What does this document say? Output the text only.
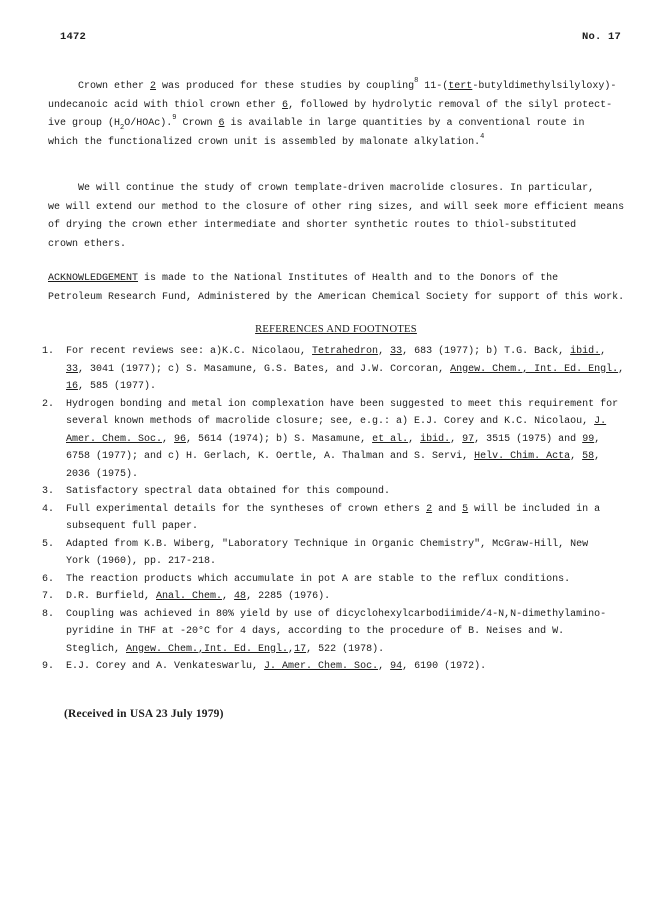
1472	No. 17
Crown ether 2 was produced for these studies by coupling$^8$ 11-(tert-butyldimethylsilyloxy)-
undecanoic acid with thiol crown ether 6, followed by hydrolytic removal of the silyl protect-
ive group $(H_2O/HOAc).^9$ Crown 6 is available in large quantities by a conventional route in
which the functionalized crown unit is assembled by malonate alkylation.$^4$
We will continue the study of crown template-driven macrolide closures. In particular,
we will extend our method to the closure of other ring sizes, and will seek more efficient means
of drying the crown ether intermediate and shorter synthetic routes to thiol-substituted
crown ethers.
ACKNOWLEDGEMENT is made to the National Institutes of Health and to the Donors of the
Petroleum Research Fund, Administered by the American Chemical Society for support of this work.
REFERENCES AND FOOTNOTES
1.	For recent reviews see: a)K.C. Nicolaou, Tetrahedron, 33, 683 (1977); b) T.G. Back, ibid.,
33, 3041 (1977); c) S. Masamune, G.S. Bates, and J.W. Corcoran, Angew. Chem., Int. Ed. Engl.,
16, 585 (1977).
2.	Hydrogen bonding and metal ion complexation have been suggested to meet this requirement for
several known methods of macrolide closure; see, e.g.: a) E.J. Corey and K.C. Nicolaou, J.
Amer. Chem. Soc., 96, 5614 (1974); b) S. Masamune, et al., ibid., 97, 3515 (1975) and 99,
6758 (1977); and c) H. Gerlach, K. Oertle, A. Thalman and S. Servi, Helv. Chim. Acta, 58,
2036 (1975).
3.	Satisfactory spectral data obtained for this compound.
4.	Full experimental details for the syntheses of crown ethers 2 and 5 will be included in a
subsequent full paper.
5.	Adapted from K.B. Wiberg, "Laboratory Technique in Organic Chemistry", McGraw-Hill, New
York (1960), pp. 217-218.
6.	The reaction products which accumulate in pot A are stable to the reflux conditions.
7.	D.R. Burfield, Anal. Chem., 48, 2285 (1976).
8.	Coupling was achieved in 80% yield by use of dicyclohexylcarbodiimide/4-N,N-dimethylamino-
pyridine in THF at -20°C for 4 days, according to the procedure of B. Neises and W.
Steglich, Angew. Chem.,Int. Ed. Engl.,17, 522 (1978).
9.	E.J. Corey and A. Venkateswarlu, J. Amer. Chem. Soc., 94, 6190 (1972).
(Received in USA 23 July 1979)
